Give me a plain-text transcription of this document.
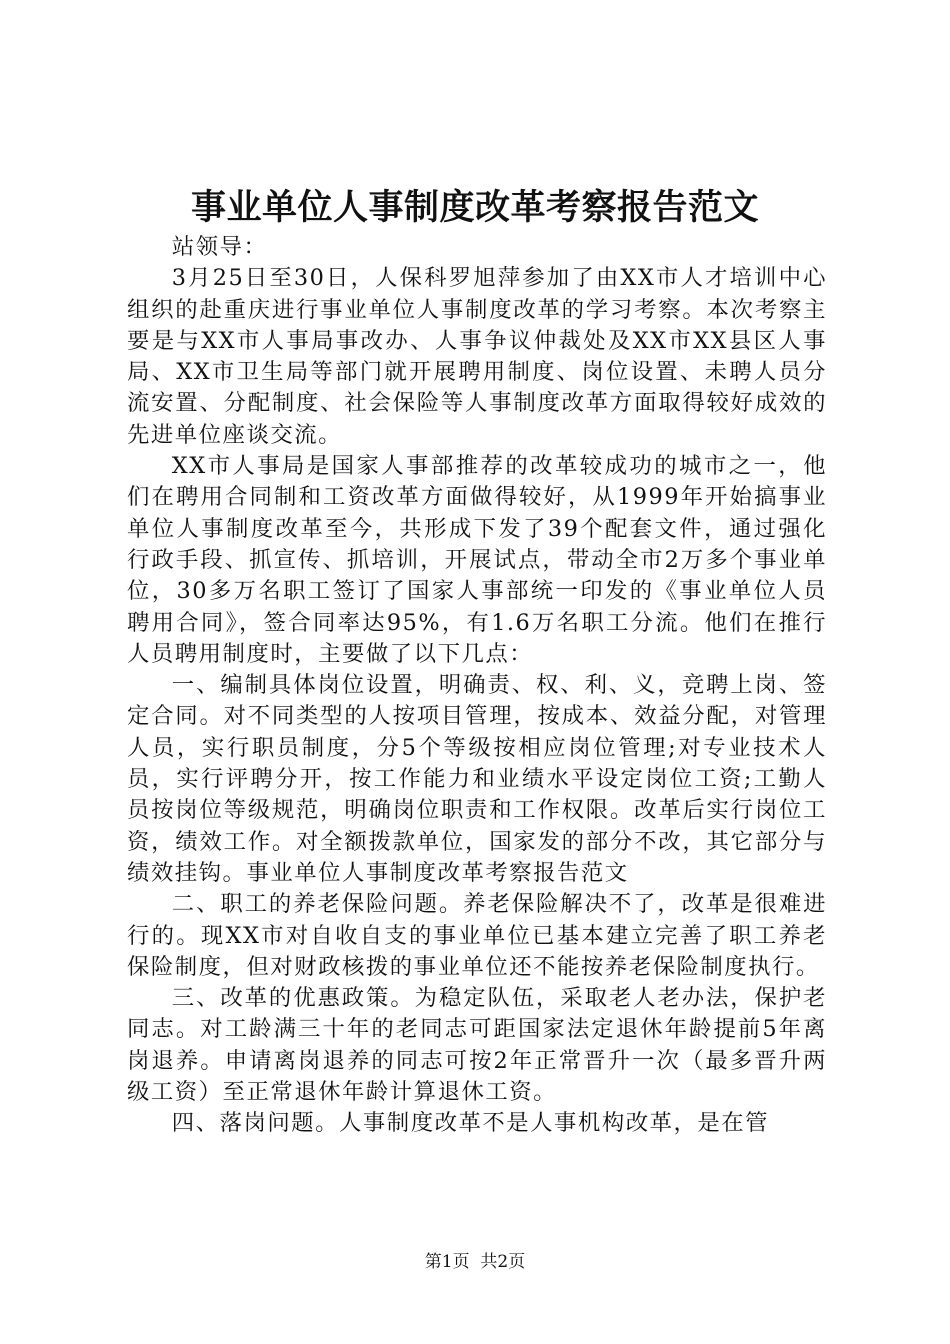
事业单位人事制度改革考察报告范文

站领导：

3月25日至30日，人保科罗旭萍参加了由XX市人才培训中心组织的赴重庆进行事业单位人事制度改革的学习考察。本次考察主要是与XX市人事局事改办、人事争议仲裁处及XX市XX县区人事局、XX市卫生局等部门就开展聘用制度、岗位设置、未聘人员分流安置、分配制度、社会保险等人事制度改革方面取得较好成效的先进单位座谈交流。

XX市人事局是国家人事部推荐的改革较成功的城市之一，他们在聘用合同制和工资改革方面做得较好，从1999年开始搞事业单位人事制度改革至今，共形成下发了39个配套文件，通过强化行政手段、抓宣传、抓培训，开展试点，带动全市2万多个事业单位，30多万名职工签订了国家人事部统一印发的《事业单位人员聘用合同》，签合同率达95%，有1.6万名职工分流。他们在推行人员聘用制度时，主要做了以下几点：

一、编制具体岗位设置，明确责、权、利、义，竞聘上岗、签定合同。对不同类型的人按项目管理，按成本、效益分配，对管理人员，实行职员制度，分5个等级按相应岗位管理;对专业技术人员，实行评聘分开，按工作能力和业绩水平设定岗位工资;工勤人员按岗位等级规范，明确岗位职责和工作权限。改革后实行岗位工资，绩效工作。对全额拨款单位，国家发的部分不改，其它部分与绩效挂钩。事业单位人事制度改革考察报告范文

二、职工的养老保险问题。养老保险解决不了，改革是很难进行的。现XX市对自收自支的事业单位已基本建立完善了职工养老保险制度，但对财政核拨的事业单位还不能按养老保险制度执行。

三、改革的优惠政策。为稳定队伍，采取老人老办法，保护老同志。对工龄满三十年的老同志可距国家法定退休年龄提前5年离岗退养。申请离岗退养的同志可按2年正常晋升一次（最多晋升两级工资）至正常退休年龄计算退休工资。

四、落岗问题。人事制度改革不是人事机构改革，是在管

第1页  共2页
